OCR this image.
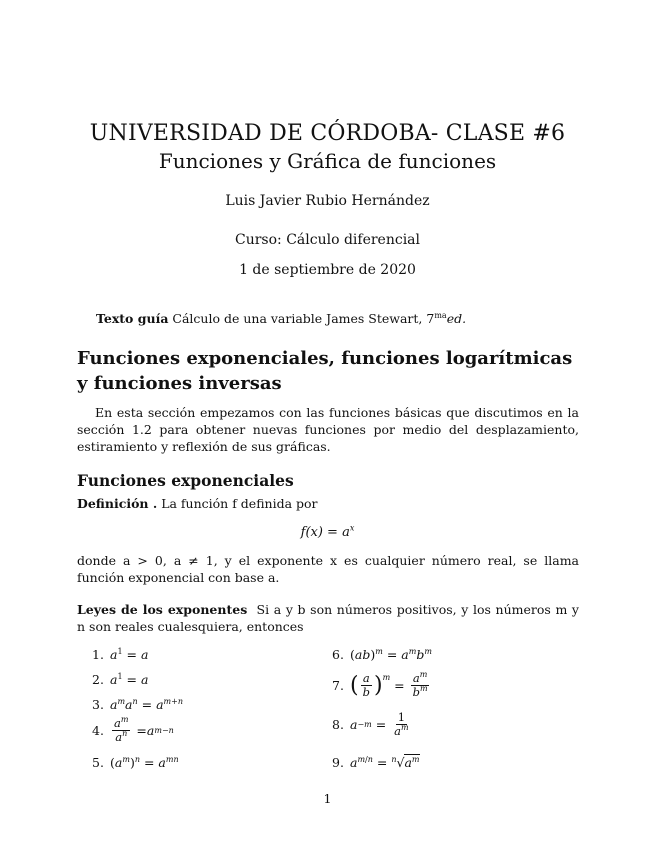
UNIVERSIDAD DE CÓRDOBA- CLASE #6
Funciones y Gráfica de funciones
Luis Javier Rubio Hernández
Curso: Cálculo diferencial
1 de septiembre de 2020
Texto guía Cálculo de una variable James Stewart, $7^{ma}ed$.
Funciones exponenciales, funciones logarítmicas y funciones inversas
En esta sección empezamos con las funciones básicas que discutimos en la sección 1.2 para obtener nuevas funciones por medio del desplazamiento, estiramiento y reflexión de sus gráficas.
Funciones exponenciales
Definición . La función f definida por
$f(x) = a^x$
donde a > 0, a ≠ 1, y el exponente x es cualquier número real, se llama función exponencial con base a.
Leyes de los exponentes Si a y b son números positivos, y los números m y n son reales cualesquiera, entonces
1. $a^1 = a$
2. $a^1 = a$
3. $a^ma^n = a^{m+n}$
4. $\frac{a^m}{a^n} = a$ m−n
5. $(a^m)^n = a^{mn}$
6. $(ab)^m = a^mb^m$
7. ( $\frac{a}{b}$ ) $^m$
= $\frac{a^m}{b^m}$
8. $a -m = \frac{1}{a^m}$
9. $a^{m/n} = ^n√a^m$
1
